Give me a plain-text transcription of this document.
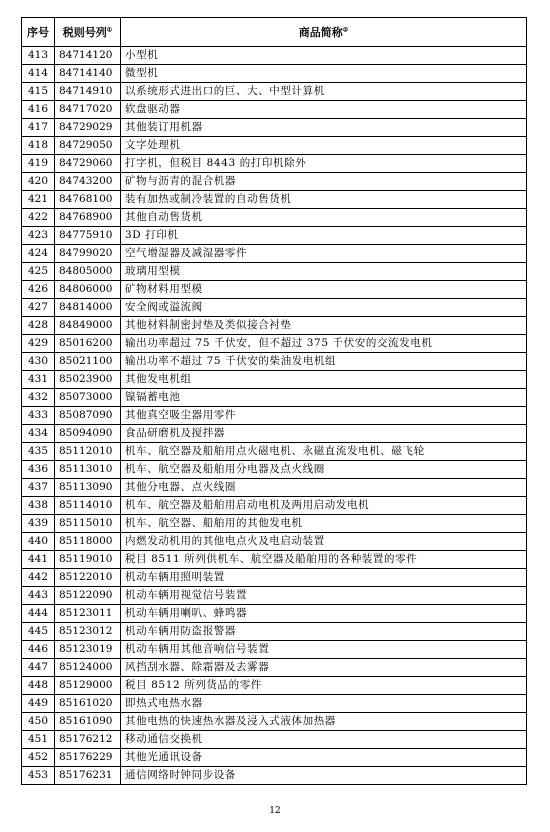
序号	税则号列①	商品简称②
413	84714120	小型机
414	84714140	微型机
415	84714910	以系统形式进出口的巨、大、中型计算机
416	84717020	软盘驱动器
417	84729029	其他装订用机器
418	84729050	文字处理机
419	84729060	打字机，但税目 8443 的打印机除外
420	84743200	矿物与沥青的混合机器
421	84768100	装有加热或制冷装置的自动售货机
422	84768900	其他自动售货机
423	84775910	3D 打印机
424	84799020	空气增湿器及减湿器零件
425	84805000	玻璃用型模
426	84806000	矿物材料用型模
427	84814000	安全阀或溢流阀
428	84849000	其他材料制密封垫及类似接合衬垫
429	85016200	输出功率超过 75 千伏安，但不超过 375 千伏安的交流发电机
430	85021100	输出功率不超过 75 千伏安的柴油发电机组
431	85023900	其他发电机组
432	85073000	镍镉蓄电池
433	85087090	其他真空吸尘器用零件
434	85094090	食品研磨机及搅拌器
435	85112010	机车、航空器及船舶用点火磁电机、永磁直流发电机、磁飞轮
436	85113010	机车、航空器及船舶用分电器及点火线圈
437	85113090	其他分电器、点火线圈
438	85114010	机车、航空器及船舶用启动电机及两用启动发电机
439	85115010	机车、航空器、船舶用的其他发电机
440	85118000	内燃发动机用的其他电点火及电启动装置
441	85119010	税目 8511 所列供机车、航空器及船舶用的各种装置的零件
442	85122010	机动车辆用照明装置
443	85122090	机动车辆用视觉信号装置
444	85123011	机动车辆用喇叭、蜂鸣器
445	85123012	机动车辆用防盗报警器
446	85123019	机动车辆用其他音响信号装置
447	85124000	风挡刮水器、除霜器及去雾器
448	85129000	税目 8512 所列货品的零件
449	85161020	即热式电热水器
450	85161090	其他电热的快速热水器及浸入式液体加热器
451	85176212	移动通信交换机
452	85176229	其他光通讯设备
453	85176231	通信网络时钟同步设备
12
